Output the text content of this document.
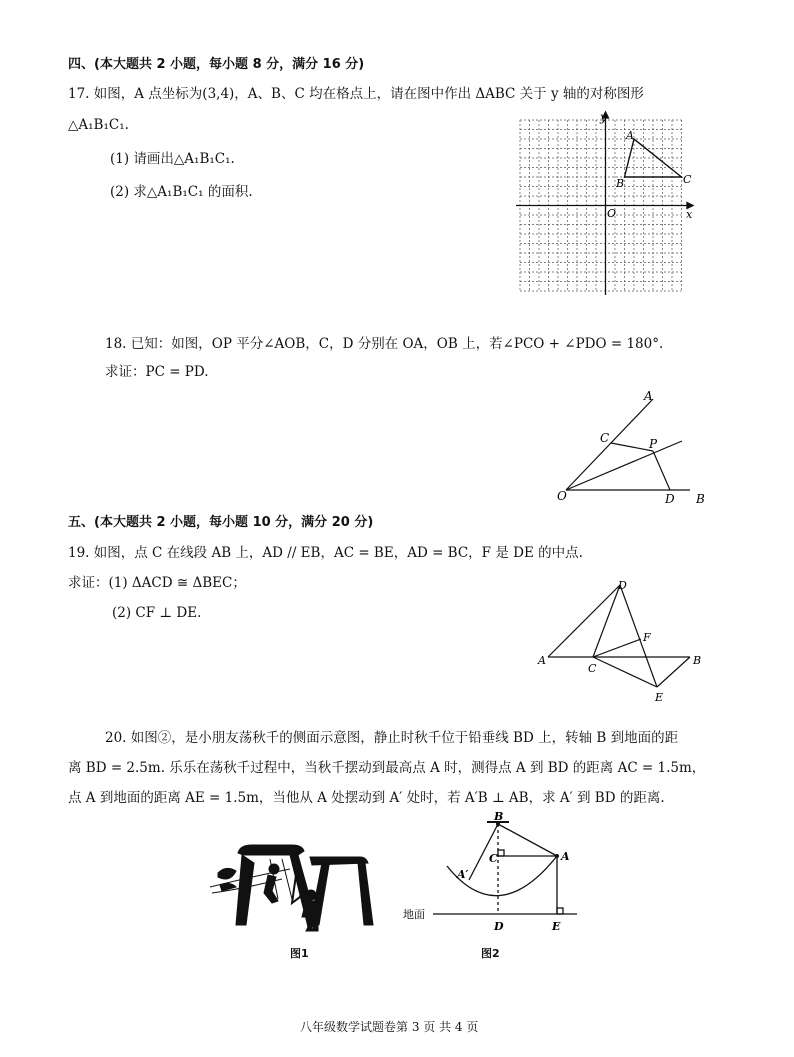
四、(本大题共 2 小题，每小题 8 分，满分 16 分)
17. 如图，A 点坐标为(3,4)，A、B、C 均在格点上，请在图中作出 ΔABC 关于 y 轴的对称图形
△A₁B₁C₁.
(1) 请画出△A₁B₁C₁.
(2) 求△A₁B₁C₁ 的面积.
y
x
O
A
B	C
18. 已知：如图，OP 平分∠AOB，C，D 分别在 OA，OB 上，若∠PCO + ∠PDO = 180°.
求证：PC = PD.
A
C	P
O	D B
五、(本大题共 2 小题，每小题 10 分，满分 20 分)
19. 如图，点 C 在线段 AB 上，AD // EB，AC = BE，AD = BC，F 是 DE 的中点.
求证：(1) ΔACD ≅ ΔBEC；
(2) CF ⊥ DE.
D
F
A
C
B
E
20. 如图②，是小朋友荡秋千的侧面示意图，静止时秋千位于铅垂线 BD 上，转轴 B 到地面的距
离 BD = 2.5m. 乐乐在荡秋千过程中，当秋千摆动到最高点 A 时，测得点 A 到 BD 的距离 AC = 1.5m，
点 A 到地面的距离 AE = 1.5m，当他从 A 处摆动到 A′ 处时，若 A′B ⊥ AB，求 A′ 到 BD 的距离.
图1
B
C	A
A′
地面
D	E
图2
八年级数学试题卷第 3 页 共 4 页
